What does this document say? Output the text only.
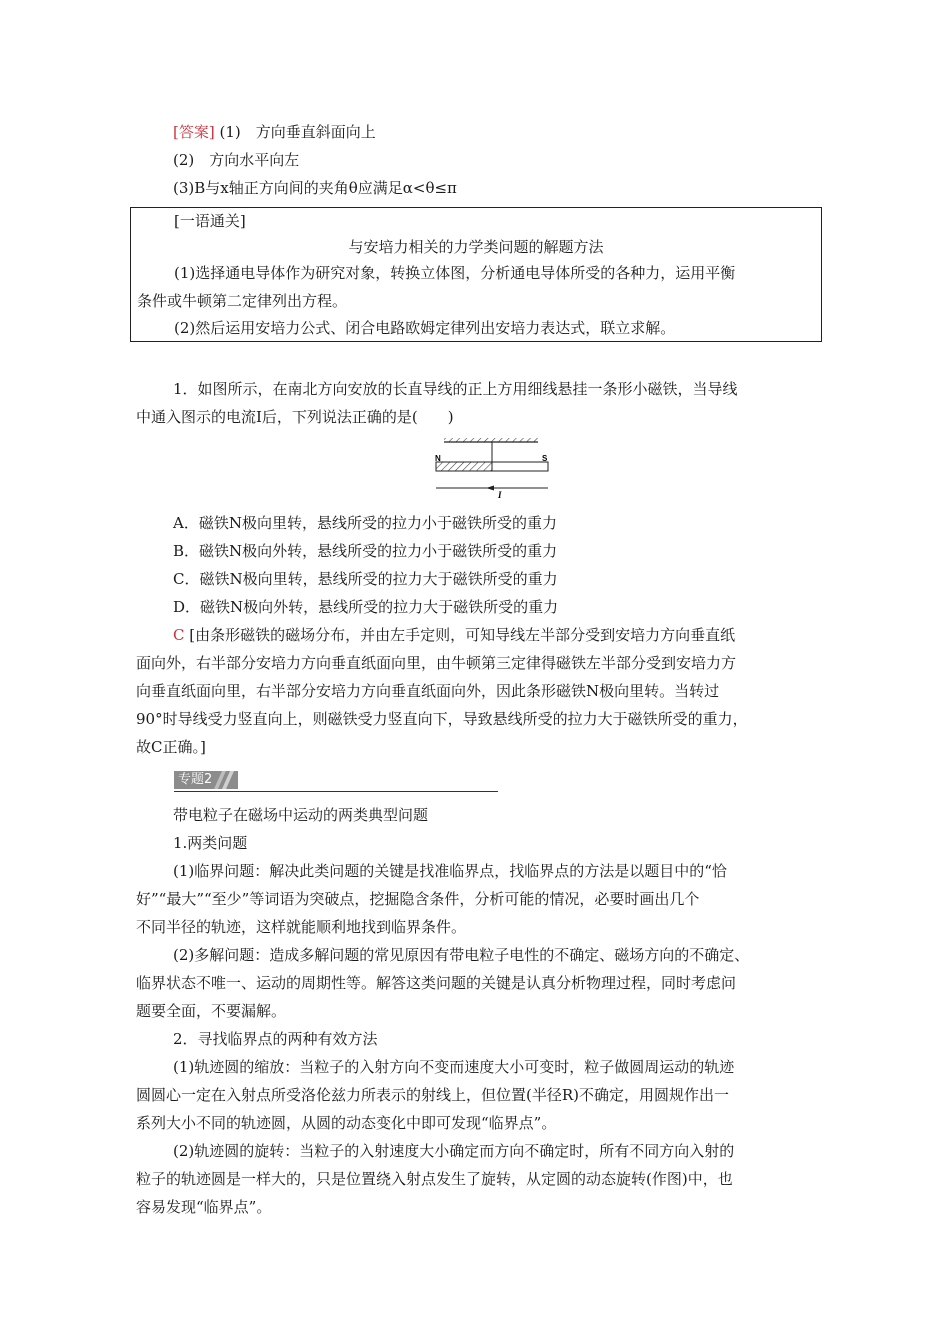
[答案] (1)　方向垂直斜面向上
(2)　方向水平向左
(3)B与x轴正方向间的夹角θ应满足α<θ≤π
[一语通关]
与安培力相关的力学类问题的解题方法
(1)选择通电导体作为研究对象，转换立体图，分析通电导体所受的各种力，运用平衡
条件或牛顿第二定律列出方程。
(2)然后运用安培力公式、闭合电路欧姆定律列出安培力表达式，联立求解。
1．如图所示，在南北方向安放的长直导线的正上方用细线悬挂一条形小磁铁，当导线
中通入图示的电流I后，下列说法正确的是(　　)
N	S
I
A．磁铁N极向里转，悬线所受的拉力小于磁铁所受的重力
B．磁铁N极向外转，悬线所受的拉力小于磁铁所受的重力
C．磁铁N极向里转，悬线所受的拉力大于磁铁所受的重力
D．磁铁N极向外转，悬线所受的拉力大于磁铁所受的重力
C [由条形磁铁的磁场分布，并由左手定则，可知导线左半部分受到安培力方向垂直纸
面向外，右半部分安培力方向垂直纸面向里，由牛顿第三定律得磁铁左半部分受到安培力方
向垂直纸面向里，右半部分安培力方向垂直纸面向外，因此条形磁铁N极向里转。当转过
90°时导线受力竖直向上，则磁铁受力竖直向下，导致悬线所受的拉力大于磁铁所受的重力，
故C正确。]
专题2
带电粒子在磁场中运动的两类典型问题
1.两类问题
(1)临界问题：解决此类问题的关键是找准临界点，找临界点的方法是以题目中的“恰
好”“最大”“至少”等词语为突破点，挖掘隐含条件，分析可能的情况，必要时画出几个
不同半径的轨迹，这样就能顺利地找到临界条件。
(2)多解问题：造成多解问题的常见原因有带电粒子电性的不确定、磁场方向的不确定、
临界状态不唯一、运动的周期性等。解答这类问题的关键是认真分析物理过程，同时考虑问
题要全面，不要漏解。
2．寻找临界点的两种有效方法
(1)轨迹圆的缩放：当粒子的入射方向不变而速度大小可变时，粒子做圆周运动的轨迹
圆圆心一定在入射点所受洛伦兹力所表示的射线上，但位置(半径R)不确定，用圆规作出一
系列大小不同的轨迹圆，从圆的动态变化中即可发现“临界点”。
(2)轨迹圆的旋转：当粒子的入射速度大小确定而方向不确定时，所有不同方向入射的
粒子的轨迹圆是一样大的，只是位置绕入射点发生了旋转，从定圆的动态旋转(作图)中，也
容易发现“临界点”。
